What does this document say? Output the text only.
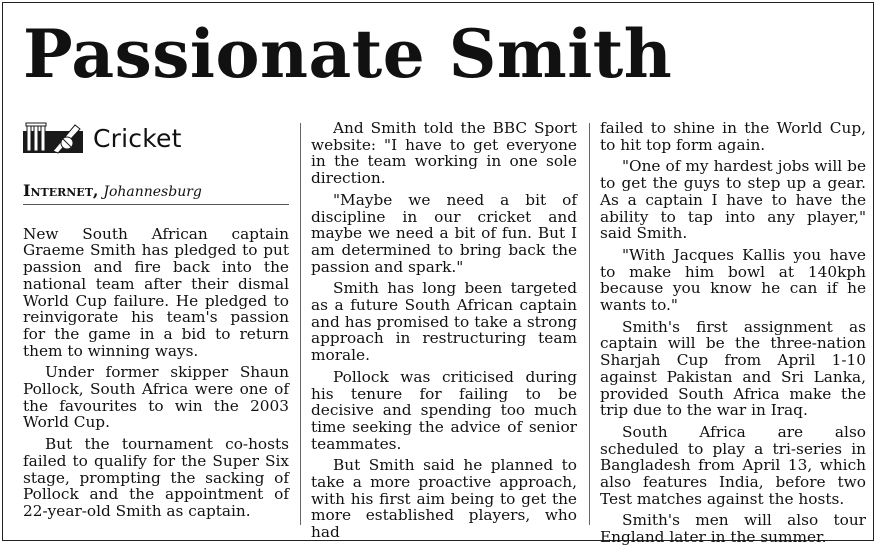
Passionate Smith
Cricket
Internet, Johannesburg

New South African captain Graeme Smith has pledged to put passion and fire back into the national team after their dismal World Cup failure. He pledged to reinvigorate his team's passion for the game in a bid to return them to winning ways.

Under former skipper Shaun Pollock, South Africa were one of the favourites to win the 2003 World Cup.

But the tournament co-hosts failed to qualify for the Super Six stage, prompting the sacking of Pollock and the appointment of 22-year-old Smith as captain.

And Smith told the BBC Sport website: "I have to get everyone in the team working in one sole direction.

"Maybe we need a bit of discipline in our cricket and maybe we need a bit of fun. But I am determined to bring back the passion and spark."

Smith has long been targeted as a future South African captain and has promised to take a strong approach in restructuring team morale.

Pollock was criticised during his tenure for failing to be decisive and spending too much time seeking the advice of senior teammates.

But Smith said he planned to take a more proactive approach, with his first aim being to get the more established players, who had

failed to shine in the World Cup, to hit top form again.

"One of my hardest jobs will be to get the guys to step up a gear. As a captain I have to have the ability to tap into any player," said Smith.

"With Jacques Kallis you have to make him bowl at 140kph because you know he can if he wants to."

Smith's first assignment as captain will be the three-nation Sharjah Cup from April 1-10 against Pakistan and Sri Lanka, provided South Africa make the trip due to the war in Iraq.

South Africa are also scheduled to play a tri-series in Bangladesh from April 13, which also features India, before two Test matches against the hosts.

Smith's men will also tour England later in the summer.
